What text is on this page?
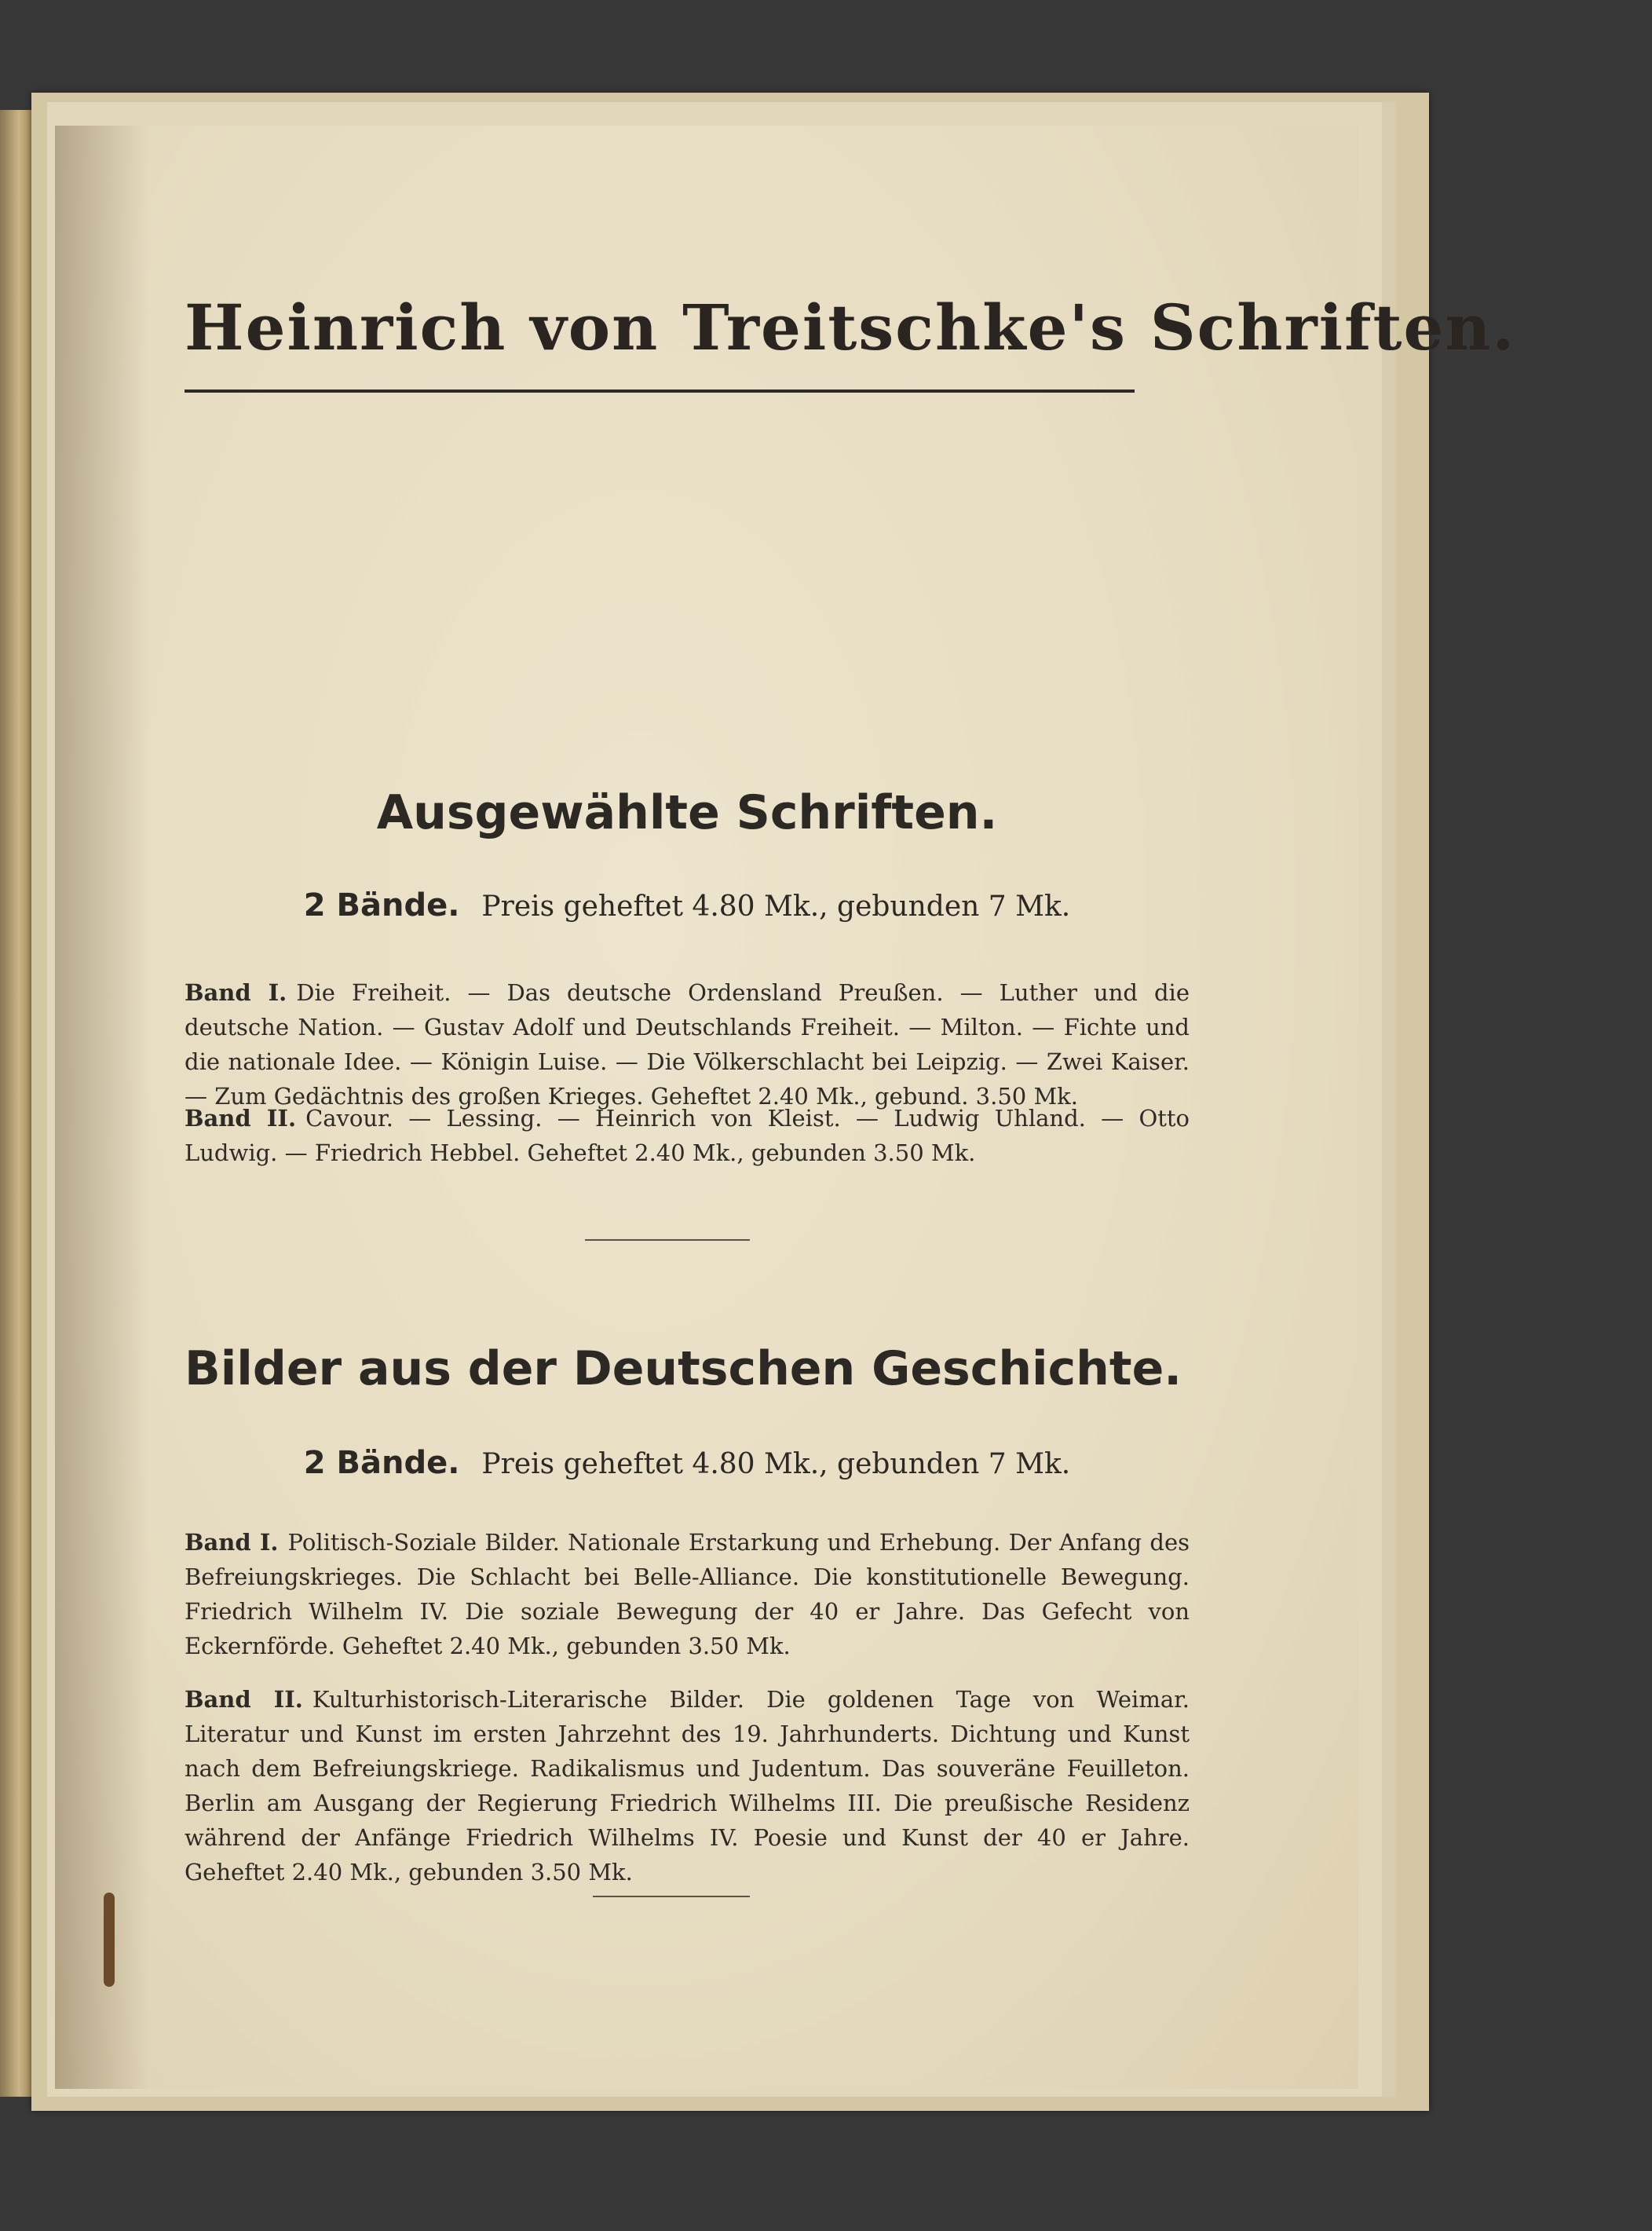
Heinrich von Treitschke's Schriften.
Ausgewählte Schriften.
2 Bände. Preis geheftet 4.80 Mk., gebunden 7 Mk.
Band I. Die Freiheit. — Das deutsche Ordensland Preußen. — Luther und die deutsche Nation. — Gustav Adolf und Deutschlands Freiheit. — Milton. — Fichte und die nationale Idee. — Königin Luise. — Die Völkerschlacht bei Leipzig. — Zwei Kaiser. — Zum Gedächtnis des großen Krieges. Geheftet 2.40 Mk., gebund. 3.50 Mk.
Band II. Cavour. — Lessing. — Heinrich von Kleist. — Ludwig Uhland. — Otto Ludwig. — Friedrich Hebbel. Geheftet 2.40 Mk., gebunden 3.50 Mk.
Bilder aus der Deutschen Geschichte.
2 Bände. Preis geheftet 4.80 Mk., gebunden 7 Mk.
Band I. Politisch-Soziale Bilder. Nationale Erstarkung und Erhebung. Der Anfang des Befreiungskrieges. Die Schlacht bei Belle-Alliance. Die konstitutionelle Bewegung. Friedrich Wilhelm IV. Die soziale Bewegung der 40 er Jahre. Das Gefecht von Eckernförde. Geheftet 2.40 Mk., gebunden 3.50 Mk.
Band II. Kulturhistorisch-Literarische Bilder. Die goldenen Tage von Weimar. Literatur und Kunst im ersten Jahrzehnt des 19. Jahrhunderts. Dichtung und Kunst nach dem Befreiungskriege. Radikalismus und Judentum. Das souveräne Feuilleton. Berlin am Ausgang der Regierung Friedrich Wilhelms III. Die preußische Residenz während der Anfänge Friedrich Wilhelms IV. Poesie und Kunst der 40 er Jahre. Geheftet 2.40 Mk., gebunden 3.50 Mk.
